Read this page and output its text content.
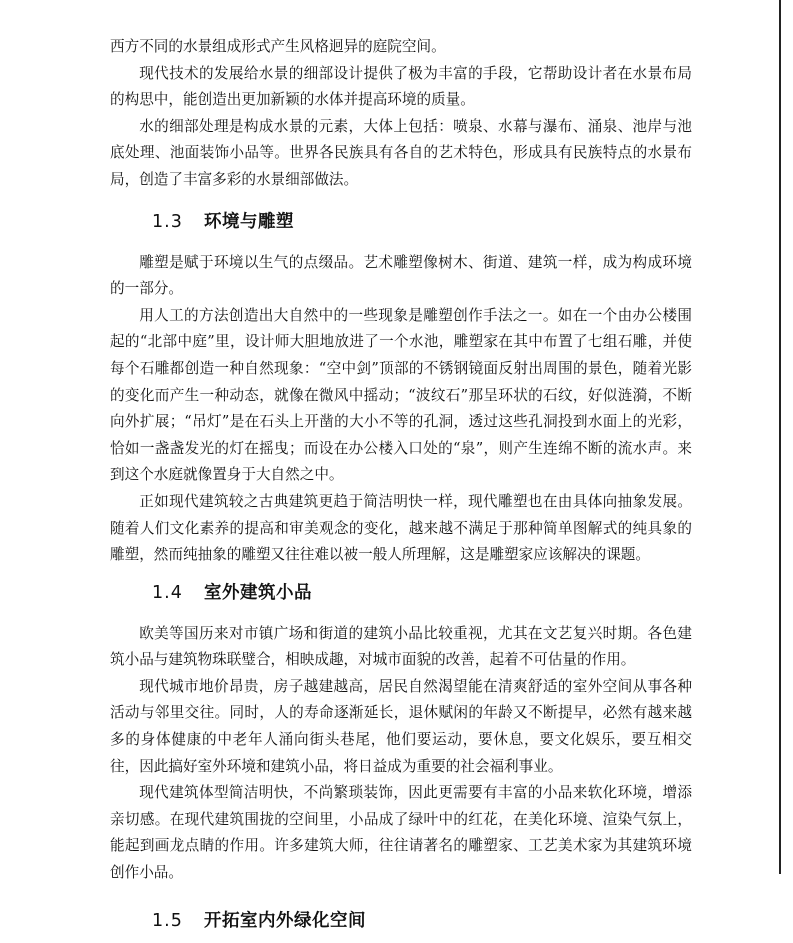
西方不同的水景组成形式产生风格迥异的庭院空间。

现代技术的发展给水景的细部设计提供了极为丰富的手段，它帮助设计者在水景布局的构思中，能创造出更加新颖的水体并提高环境的质量。

水的细部处理是构成水景的元素，大体上包括：喷泉、水幕与瀑布、涌泉、池岸与池底处理、池面装饰小品等。世界各民族具有各自的艺术特色，形成具有民族特点的水景布局，创造了丰富多彩的水景细部做法。

1.3 环境与雕塑

雕塑是赋于环境以生气的点缀品。艺术雕塑像树木、街道、建筑一样，成为构成环境的一部分。

用人工的方法创造出大自然中的一些现象是雕塑创作手法之一。如在一个由办公楼围起的“北部中庭”里，设计师大胆地放进了一个水池，雕塑家在其中布置了七组石雕，并使每个石雕都创造一种自然现象：“空中剑”顶部的不锈钢镜面反射出周围的景色，随着光影的变化而产生一种动态，就像在微风中摇动；“波纹石”那呈环状的石纹，好似涟漪，不断向外扩展；“吊灯”是在石头上开凿的大小不等的孔洞，透过这些孔洞投到水面上的光彩，恰如一盏盏发光的灯在摇曳；而设在办公楼入口处的“泉”，则产生连绵不断的流水声。来到这个水庭就像置身于大自然之中。

正如现代建筑较之古典建筑更趋于简洁明快一样，现代雕塑也在由具体向抽象发展。随着人们文化素养的提高和审美观念的变化，越来越不满足于那种简单图解式的纯具象的雕塑，然而纯抽象的雕塑又往往难以被一般人所理解，这是雕塑家应该解决的课题。

1.4 室外建筑小品

欧美等国历来对市镇广场和街道的建筑小品比较重视，尤其在文艺复兴时期。各色建筑小品与建筑物珠联璧合，相映成趣，对城市面貌的改善，起着不可估量的作用。

现代城市地价昂贵，房子越建越高，居民自然渴望能在清爽舒适的室外空间从事各种活动与邻里交往。同时，人的寿命逐渐延长，退休赋闲的年龄又不断提早，必然有越来越多的身体健康的中老年人涌向街头巷尾，他们要运动，要休息，要文化娱乐，要互相交往，因此搞好室外环境和建筑小品，将日益成为重要的社会福利事业。

现代建筑体型简洁明快，不尚繁琐装饰，因此更需要有丰富的小品来软化环境，增添亲切感。在现代建筑围拢的空间里，小品成了绿叶中的红花，在美化环境、渲染气氛上，能起到画龙点睛的作用。许多建筑大师，往往请著名的雕塑家、工艺美术家为其建筑环境创作小品。

1.5 开拓室内外绿化空间
